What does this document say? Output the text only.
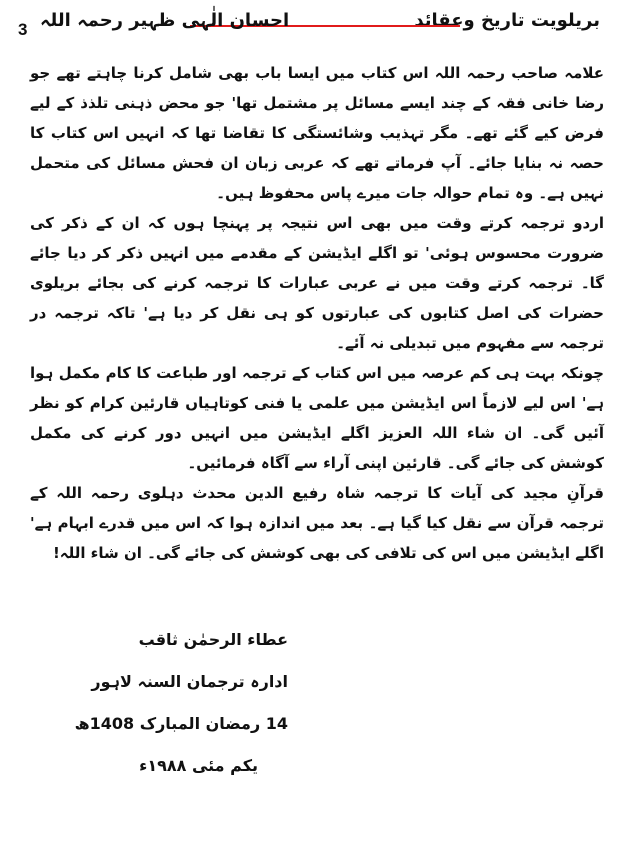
3	بریلویت تاریخ وعقائد
احسان الٰہی ظہیر رحمہ اللہ

علامہ صاحب رحمہ اللہ اس کتاب میں ایسا باب بھی شامل کرنا چاہتے تھے جو رضا خانی فقہ کے چند ایسے مسائل پر مشتمل تھا' جو محض ذہنی تلذذ کے لیے فرض کیے گئے تھے۔ مگر تہذیب وشائستگی کا تقاضا تھا کہ انہیں اس کتاب کا حصہ نہ بنایا جائے۔ آپ فرماتے تھے کہ عربی زبان ان فحش مسائل کی متحمل نہیں ہے۔ وہ تمام حوالہ جات میرے پاس محفوظ ہیں۔

اردو ترجمہ کرتے وقت میں بھی اس نتیجہ پر پہنچا ہوں کہ ان کے ذکر کی ضرورت محسوس ہوئی' تو اگلے ایڈیشن کے مقدمے میں انہیں ذکر کر دیا جائے گا۔ ترجمہ کرتے وقت میں نے عربی عبارات کا ترجمہ کرنے کی بجائے بریلوی حضرات کی اصل کتابوں کی عبارتوں کو ہی نقل کر دیا ہے' تاکہ ترجمہ در ترجمہ سے مفہوم میں تبدیلی نہ آئے۔

چونکہ بہت ہی کم عرصہ میں اس کتاب کے ترجمہ اور طباعت کا کام مکمل ہوا ہے' اس لیے لازماً اس ایڈیشن میں علمی یا فنی کوتاہیاں قارئین کرام کو نظر آئیں گی۔ ان شاء اللہ العزیز اگلے ایڈیشن میں انہیں دور کرنے کی مکمل کوشش کی جائے گی۔ قارئین اپنی آراء سے آگاہ فرمائیں۔

قرآنِ مجید کی آیات کا ترجمہ شاہ رفیع الدین محدث دہلوی رحمہ اللہ کے ترجمہ قرآن سے نقل کیا گیا ہے۔ بعد میں اندازہ ہوا کہ اس میں قدرے ابہام ہے' اگلے ایڈیشن میں اس کی تلافی کی بھی کوشش کی جائے گی۔ ان شاء اللہ!

عطاء الرحمٰن ثاقب
ادارہ ترجمان السنہ لاہور
14 رمضان المبارک 1408ھ
یکم مئی ۱۹۸۸ء
